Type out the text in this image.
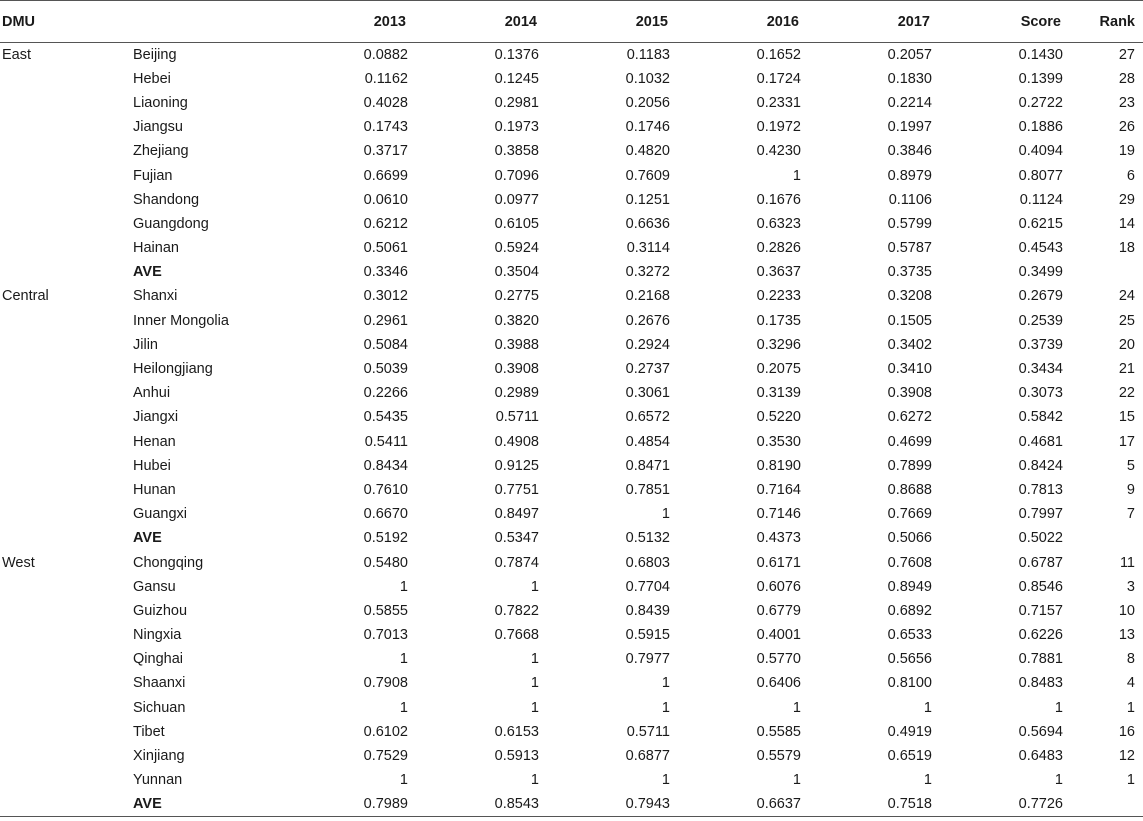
DMU		2013	2014	2015	2016	2017	Score	Rank
East	Beijing	0.0882	0.1376	0.1183	0.1652	0.2057	0.1430	27
	Hebei	0.1162	0.1245	0.1032	0.1724	0.1830	0.1399	28
	Liaoning	0.4028	0.2981	0.2056	0.2331	0.2214	0.2722	23
	Jiangsu	0.1743	0.1973	0.1746	0.1972	0.1997	0.1886	26
	Zhejiang	0.3717	0.3858	0.4820	0.4230	0.3846	0.4094	19
	Fujian	0.6699	0.7096	0.7609	1	0.8979	0.8077	6
	Shandong	0.0610	0.0977	0.1251	0.1676	0.1106	0.1124	29
	Guangdong	0.6212	0.6105	0.6636	0.6323	0.5799	0.6215	14
	Hainan	0.5061	0.5924	0.3114	0.2826	0.5787	0.4543	18
	AVE	0.3346	0.3504	0.3272	0.3637	0.3735	0.3499	
Central	Shanxi	0.3012	0.2775	0.2168	0.2233	0.3208	0.2679	24
	Inner Mongolia	0.2961	0.3820	0.2676	0.1735	0.1505	0.2539	25
	Jilin	0.5084	0.3988	0.2924	0.3296	0.3402	0.3739	20
	Heilongjiang	0.5039	0.3908	0.2737	0.2075	0.3410	0.3434	21
	Anhui	0.2266	0.2989	0.3061	0.3139	0.3908	0.3073	22
	Jiangxi	0.5435	0.5711	0.6572	0.5220	0.6272	0.5842	15
	Henan	0.5411	0.4908	0.4854	0.3530	0.4699	0.4681	17
	Hubei	0.8434	0.9125	0.8471	0.8190	0.7899	0.8424	5
	Hunan	0.7610	0.7751	0.7851	0.7164	0.8688	0.7813	9
	Guangxi	0.6670	0.8497	1	0.7146	0.7669	0.7997	7
	AVE	0.5192	0.5347	0.5132	0.4373	0.5066	0.5022	
West	Chongqing	0.5480	0.7874	0.6803	0.6171	0.7608	0.6787	11
	Gansu	1	1	0.7704	0.6076	0.8949	0.8546	3
	Guizhou	0.5855	0.7822	0.8439	0.6779	0.6892	0.7157	10
	Ningxia	0.7013	0.7668	0.5915	0.4001	0.6533	0.6226	13
	Qinghai	1	1	0.7977	0.5770	0.5656	0.7881	8
	Shaanxi	0.7908	1	1	0.6406	0.8100	0.8483	4
	Sichuan	1	1	1	1	1	1	1
	Tibet	0.6102	0.6153	0.5711	0.5585	0.4919	0.5694	16
	Xinjiang	0.7529	0.5913	0.6877	0.5579	0.6519	0.6483	12
	Yunnan	1	1	1	1	1	1	1
	AVE	0.7989	0.8543	0.7943	0.6637	0.7518	0.7726	
